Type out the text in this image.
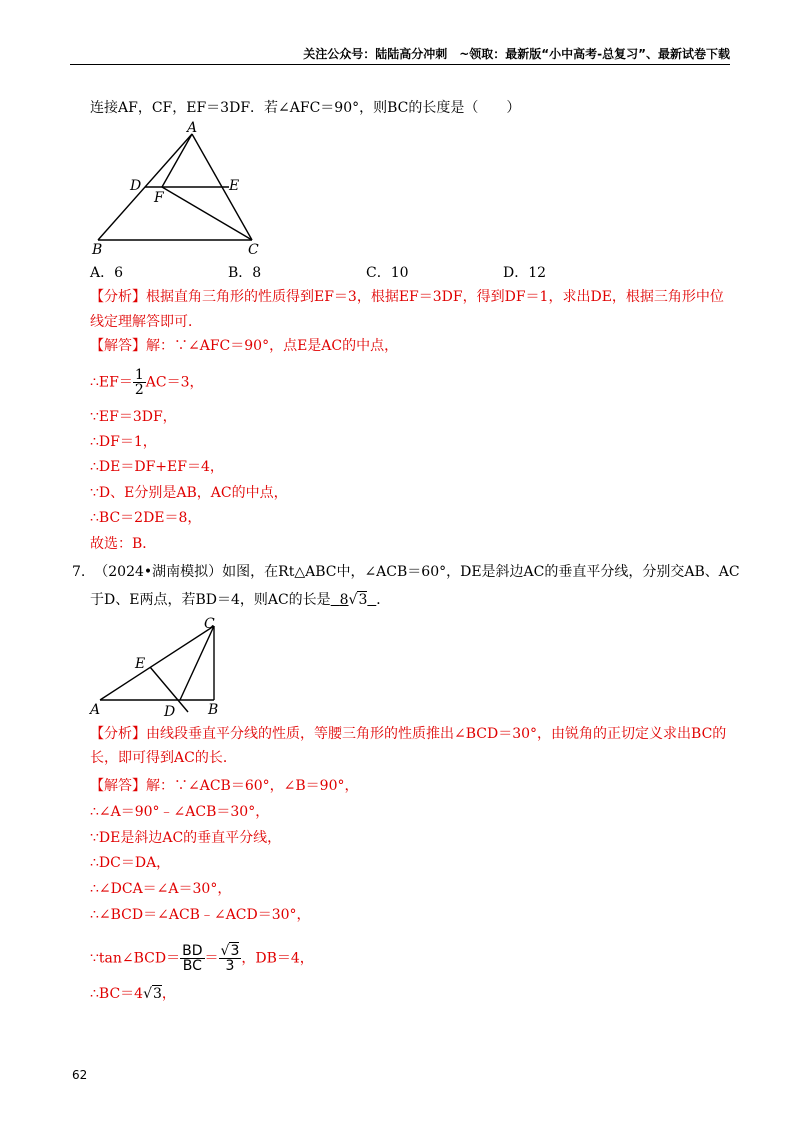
关注公众号：陆陆高分冲刺　~领取：最新版“小中高考-总复习”、最新试卷下载
连接AF，CF，EF＝3DF．若∠AFC＝90°，则BC的长度是（　　）
A
D	E
F
B	C
A．6	B．8	C．10	D．12
【分析】根据直角三角形的性质得到EF＝3，根据EF＝3DF，得到DF＝1，求出DE，根据三角形中位
线定理解答即可．
【解答】解：∵∠AFC＝90°，点E是AC的中点，
∴EF＝ $\frac{1}{2} AC=3$，
∵EF＝3DF，
∴DF＝1，
∴DE＝DF+EF＝4，
∵D、E分别是AB，AC的中点，
∴BC＝2DE＝8，
故选：B．
7. （2024•湖南模拟）如图，在Rt△ABC中，∠ACB＝60°，DE是斜边AC的垂直平分线，分别交AB、AC
于D、E两点，若BD＝4，则AC的长是 8√3 ．
C
E
A	D B
【分析】由线段垂直平分线的性质，等腰三角形的性质推出∠BCD＝30°，由锐角的正切定义求出BC的
长，即可得到AC的长．
【解答】解：∵∠ACB＝60°，∠B＝90°，
∴∠A＝90°﹣∠ACB＝30°，
∵DE是斜边AC的垂直平分线，
∴DC＝DA，
∴∠DCA＝∠A＝30°，
∴∠BCD＝∠ACB﹣∠ACD＝30°，
∵tan∠BCD＝ $\frac{BD}{BC} = \frac{√3}{3}$ ，DB＝4，
∴BC＝4√3，
62
